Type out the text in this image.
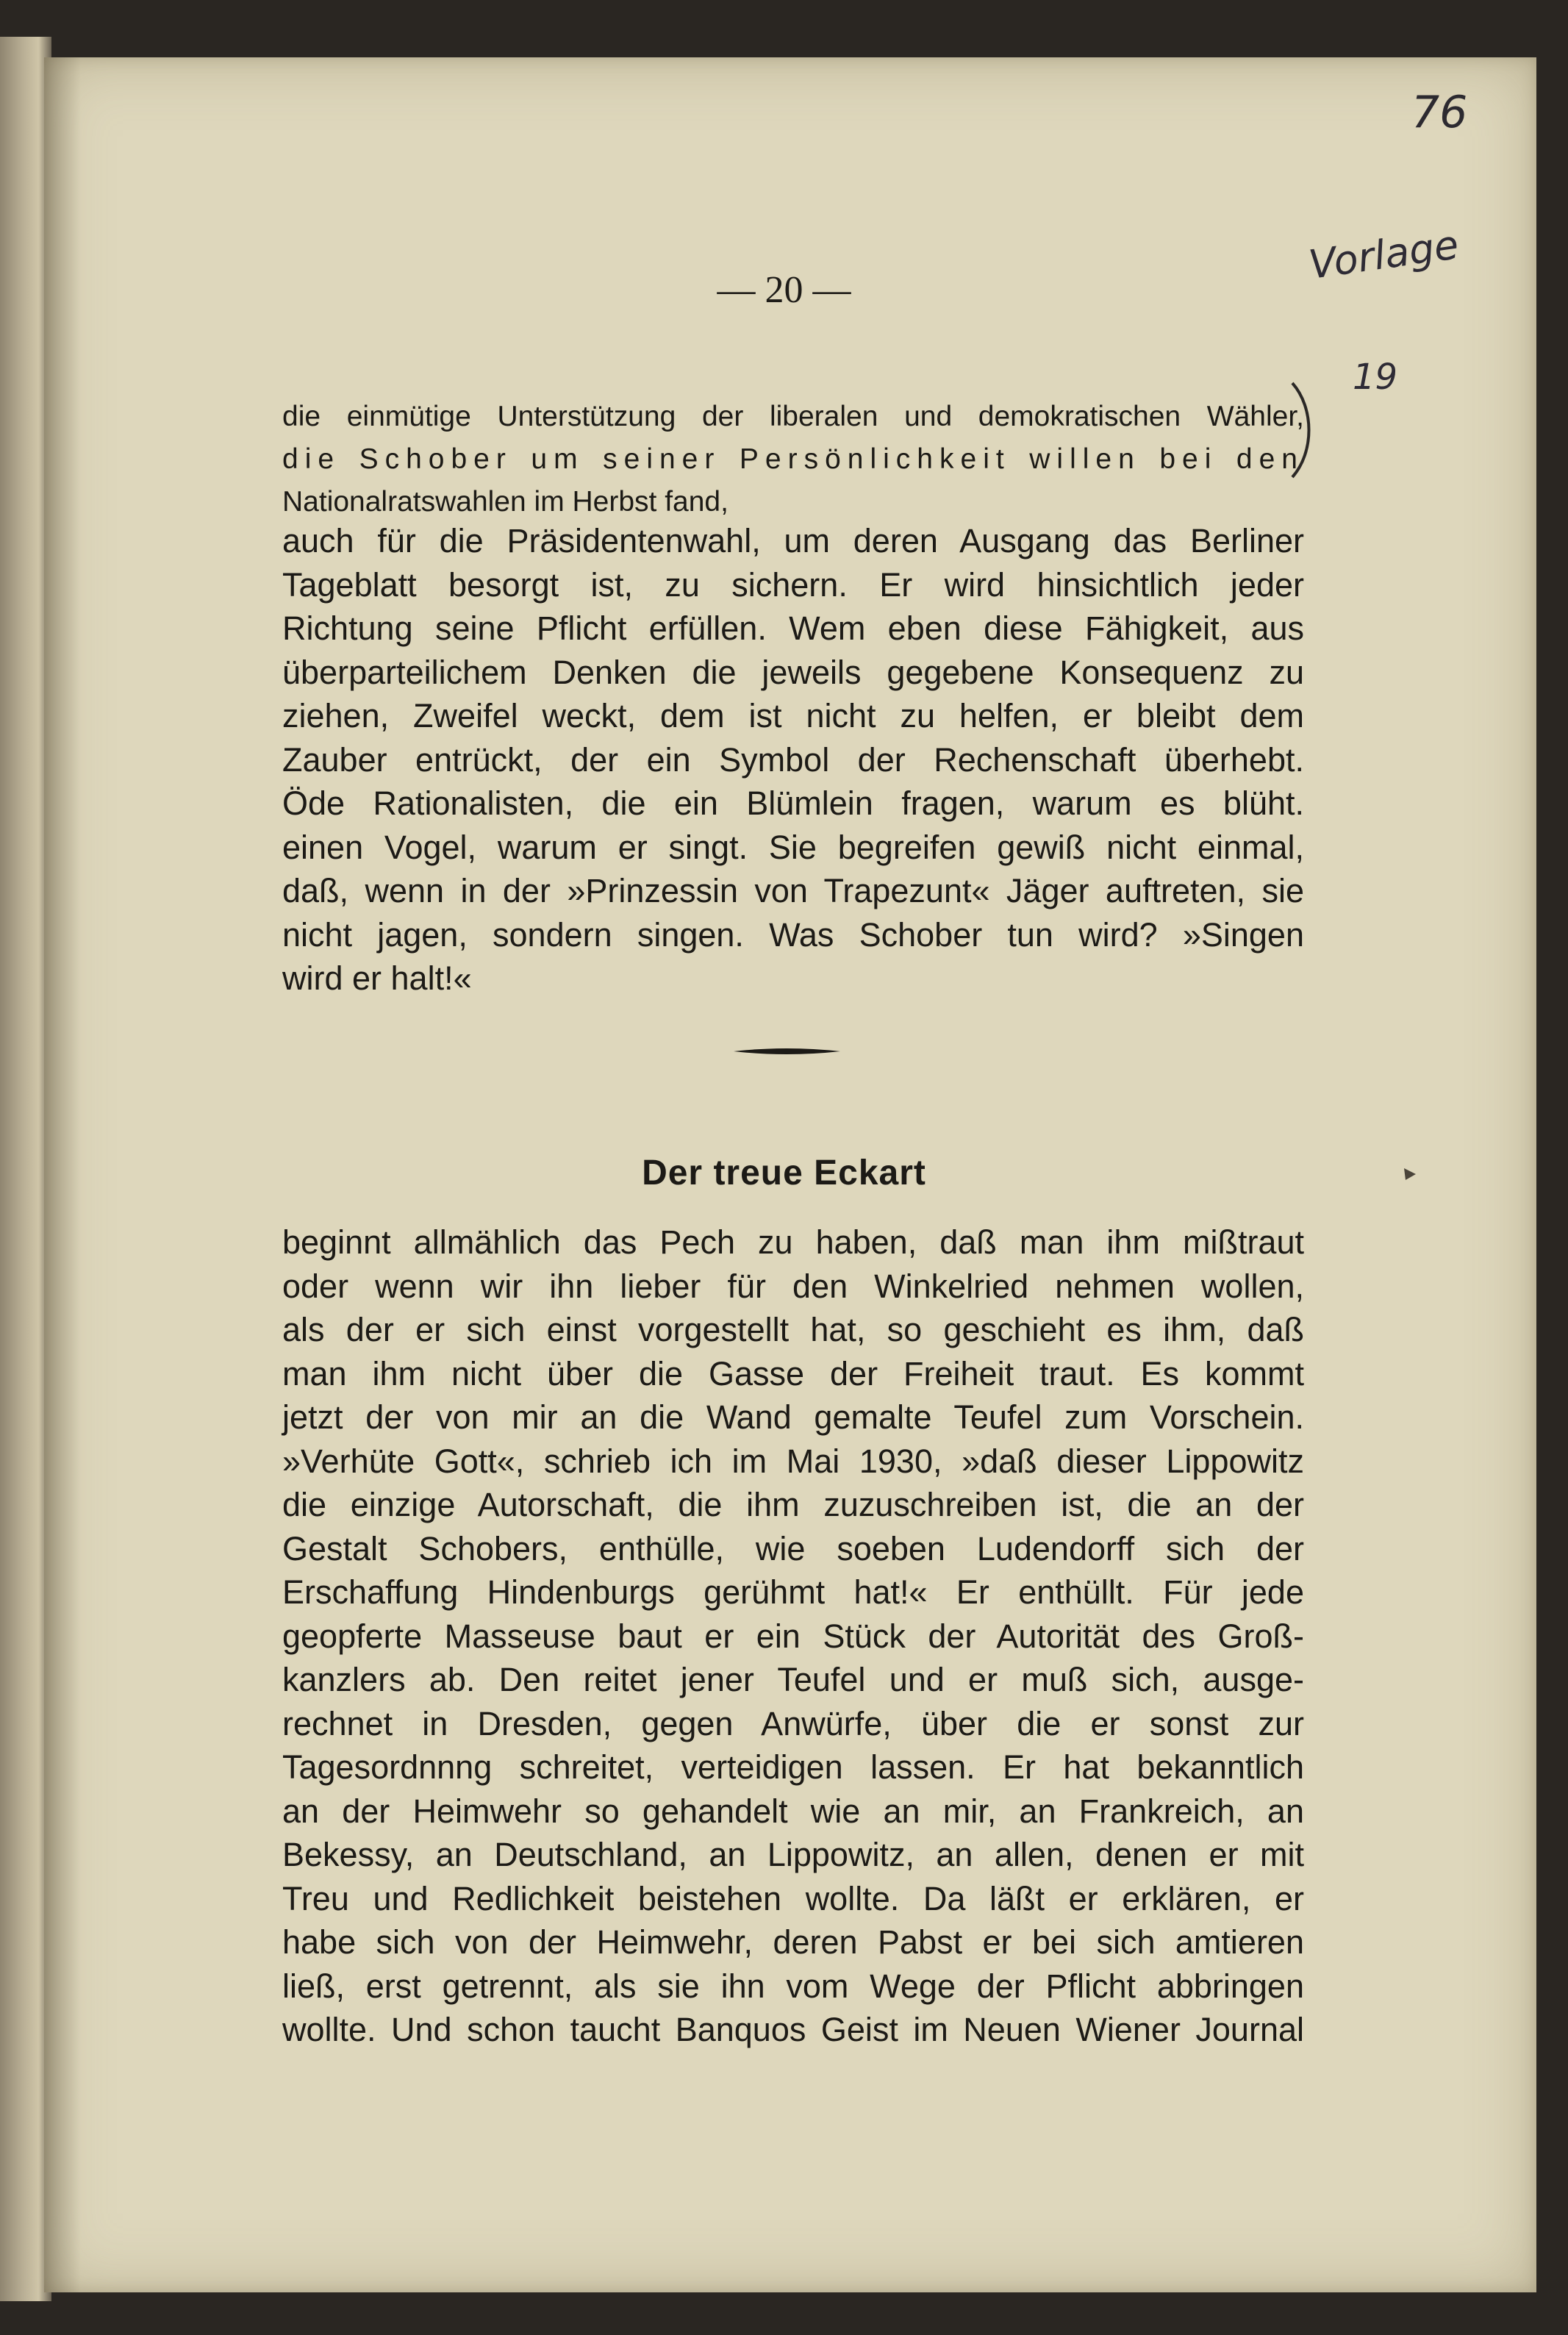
76
Vorlage
19
— 20 —
die einmütige Unterstützung der liberalen und demokratischen Wähler,
die Schober um seiner Persönlichkeit willen bei den
Nationalratswahlen im Herbst fand,
auch für die Präsidentenwahl, um deren Ausgang das Berliner
Tageblatt besorgt ist, zu sichern. Er wird hinsichtlich jeder
Richtung seine Pflicht erfüllen. Wem eben diese Fähigkeit, aus
überparteilichem Denken die jeweils gegebene Konsequenz zu
ziehen, Zweifel weckt, dem ist nicht zu helfen, er bleibt dem
Zauber entrückt, der ein Symbol der Rechenschaft überhebt.
Öde Rationalisten, die ein Blümlein fragen, warum es blüht.
einen Vogel, warum er singt. Sie begreifen gewiß nicht einmal,
daß, wenn in der »Prinzessin von Trapezunt« Jäger auftreten, sie
nicht jagen, sondern singen. Was Schober tun wird? »Singen
wird er halt!«
Der treue Eckart
beginnt allmählich das Pech zu haben, daß man ihm mißtraut
oder wenn wir ihn lieber für den Winkelried nehmen wollen,
als der er sich einst vorgestellt hat, so geschieht es ihm, daß
man ihm nicht über die Gasse der Freiheit traut. Es kommt
jetzt der von mir an die Wand gemalte Teufel zum Vorschein.
»Verhüte Gott«, schrieb ich im Mai 1930, »daß dieser Lippowitz
die einzige Autorschaft, die ihm zuzuschreiben ist, die an der
Gestalt Schobers, enthülle, wie soeben Ludendorff sich der
Erschaffung Hindenburgs gerühmt hat!« Er enthüllt. Für jede
geopferte Masseuse baut er ein Stück der Autorität des Groß-
kanzlers ab. Den reitet jener Teufel und er muß sich, ausge-
rechnet in Dresden, gegen Anwürfe, über die er sonst zur
Tagesordnnng schreitet, verteidigen lassen. Er hat bekanntlich
an der Heimwehr so gehandelt wie an mir, an Frankreich, an
Bekessy, an Deutschland, an Lippowitz, an allen, denen er mit
Treu und Redlichkeit beistehen wollte. Da läßt er erklären, er
habe sich von der Heimwehr, deren Pabst er bei sich amtieren
ließ, erst getrennt, als sie ihn vom Wege der Pflicht abbringen
wollte. Und schon taucht Banquos Geist im Neuen Wiener Journal
